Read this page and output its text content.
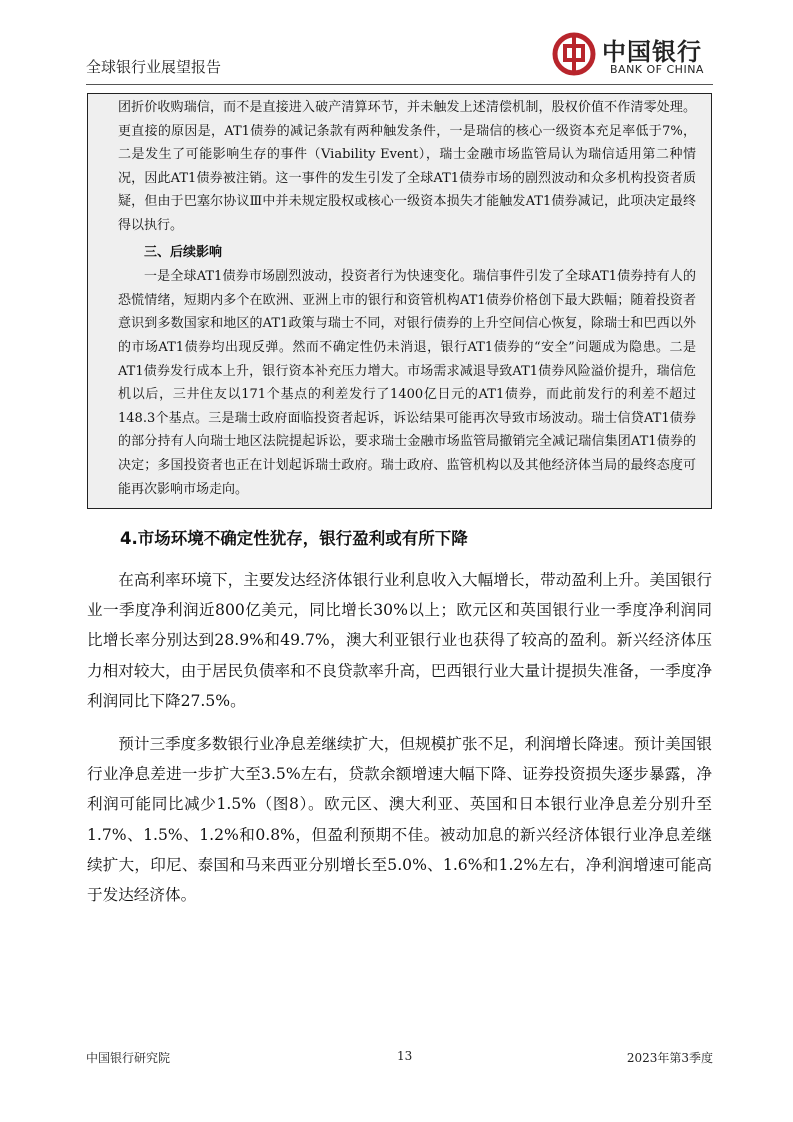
全球银行业展望报告
中国银行
BANK OF CHINA

团折价收购瑞信，而不是直接进入破产清算环节，并未触发上述清偿机制，股权价值不作清零处理。更直接的原因是，AT1债券的减记条款有两种触发条件，一是瑞信的核心一级资本充足率低于7%，二是发生了可能影响生存的事件（Viability Event），瑞士金融市场监管局认为瑞信适用第二种情况，因此AT1债券被注销。这一事件的发生引发了全球AT1债券市场的剧烈波动和众多机构投资者质疑，但由于巴塞尔协议Ⅲ中并未规定股权或核心一级资本损失才能触发AT1债券减记，此项决定最终得以执行。

三、后续影响

一是全球AT1债券市场剧烈波动，投资者行为快速变化。瑞信事件引发了全球AT1债券持有人的恐慌情绪，短期内多个在欧洲、亚洲上市的银行和资管机构AT1债券价格创下最大跌幅；随着投资者意识到多数国家和地区的AT1政策与瑞士不同，对银行债券的上升空间信心恢复，除瑞士和巴西以外的市场AT1债券均出现反弹。然而不确定性仍未消退，银行AT1债券的“安全”问题成为隐患。二是AT1债券发行成本上升，银行资本补充压力增大。市场需求减退导致AT1债券风险溢价提升，瑞信危机以后，三井住友以171个基点的利差发行了1400亿日元的AT1债券，而此前发行的利差不超过148.3个基点。三是瑞士政府面临投资者起诉，诉讼结果可能再次导致市场波动。瑞士信贷AT1债券的部分持有人向瑞士地区法院提起诉讼，要求瑞士金融市场监管局撤销完全减记瑞信集团AT1债券的决定；多国投资者也正在计划起诉瑞士政府。瑞士政府、监管机构以及其他经济体当局的最终态度可能再次影响市场走向。

4.市场环境不确定性犹存，银行盈利或有所下降

在高利率环境下，主要发达经济体银行业利息收入大幅增长，带动盈利上升。美国银行业一季度净利润近800亿美元，同比增长30%以上；欧元区和英国银行业一季度净利润同比增长率分别达到28.9%和49.7%，澳大利亚银行业也获得了较高的盈利。新兴经济体压力相对较大，由于居民负债率和不良贷款率升高，巴西银行业大量计提损失准备，一季度净利润同比下降27.5%。

预计三季度多数银行业净息差继续扩大，但规模扩张不足，利润增长降速。预计美国银行业净息差进一步扩大至3.5%左右，贷款余额增速大幅下降、证券投资损失逐步暴露，净利润可能同比减少1.5%（图8）。欧元区、澳大利亚、英国和日本银行业净息差分别升至1.7%、1.5%、1.2%和0.8%，但盈利预期不佳。被动加息的新兴经济体银行业净息差继续扩大，印尼、泰国和马来西亚分别增长至5.0%、1.6%和1.2%左右，净利润增速可能高于发达经济体。

中国银行研究院	13	2023年第3季度
